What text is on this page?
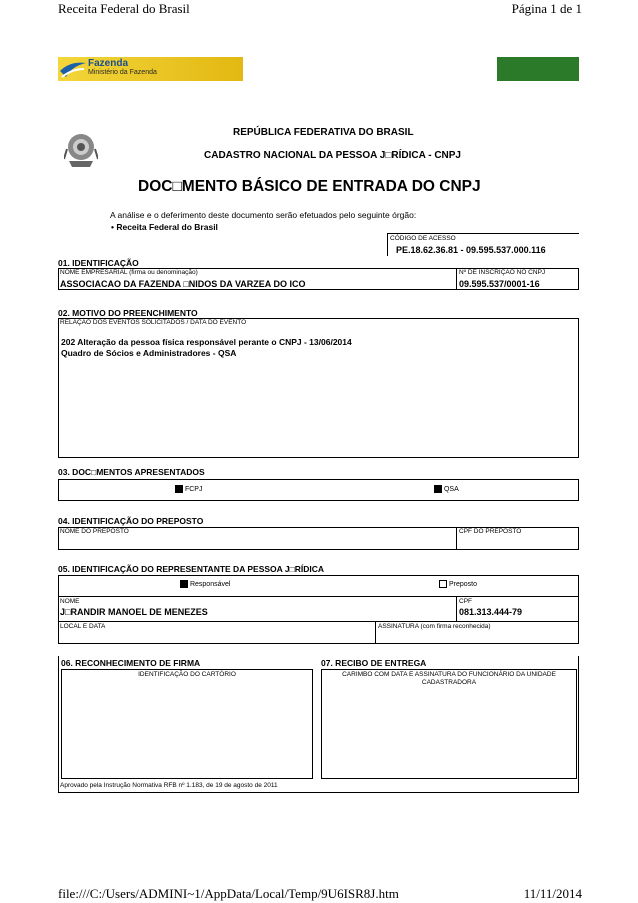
Receita Federal do Brasil	Página 1 de 1
Fazenda
Ministério da Fazenda
REPÚBLICA FEDERATIVA DO BRASIL
CADASTRO NACIONAL DA PESSOA J□RÍDICA - CNPJ
DOC□MENTO BÁSICO DE ENTRADA DO CNPJ
A análise e o deferimento deste documento serão efetuados pelo seguinte órgão:
• Receita Federal do Brasil
CÓDIGO DE ACESSO
PE.18.62.36.81 - 09.595.537.000.116
01. IDENTIFICAÇÃO
NOME EMPRESARIAL (firma ou denominação)
ASSOCIACAO DA FAZENDA □NIDOS DA VARZEA DO ICO
Nº DE INSCRIÇÃO NO CNPJ
09.595.537/0001-16
02. MOTIVO DO PREENCHIMENTO
RELAÇÃO DOS EVENTOS SOLICITADOS / DATA DO EVENTO
202 Alteração da pessoa física responsável perante o CNPJ - 13/06/2014
Quadro de Sócios e Administradores - QSA
03. DOC□MENTOS APRESENTADOS
FCPJ	QSA
04. IDENTIFICAÇÃO DO PREPOSTO
NOME DO PREPOSTO	CPF DO PREPOSTO
05. IDENTIFICAÇÃO DO REPRESENTANTE DA PESSOA J□RÍDICA
Responsável	Preposto
NOME
J□RANDIR MANOEL DE MENEZES
CPF
081.313.444-79
LOCAL E DATA	ASSINATURA (com firma reconhecida)
06. RECONHECIMENTO DE FIRMA	07. RECIBO DE ENTREGA
IDENTIFICAÇÃO DO CARTÓRIO	CARIMBO COM DATA E ASSINATURA DO FUNCIONÁRIO DA UNIDADE
CADASTRADORA
Aprovado pela Instrução Normativa RFB nº 1.183, de 19 de agosto de 2011
file:///C:/Users/ADMINI~1/AppData/Local/Temp/9U6ISR8J.htm	11/11/2014
